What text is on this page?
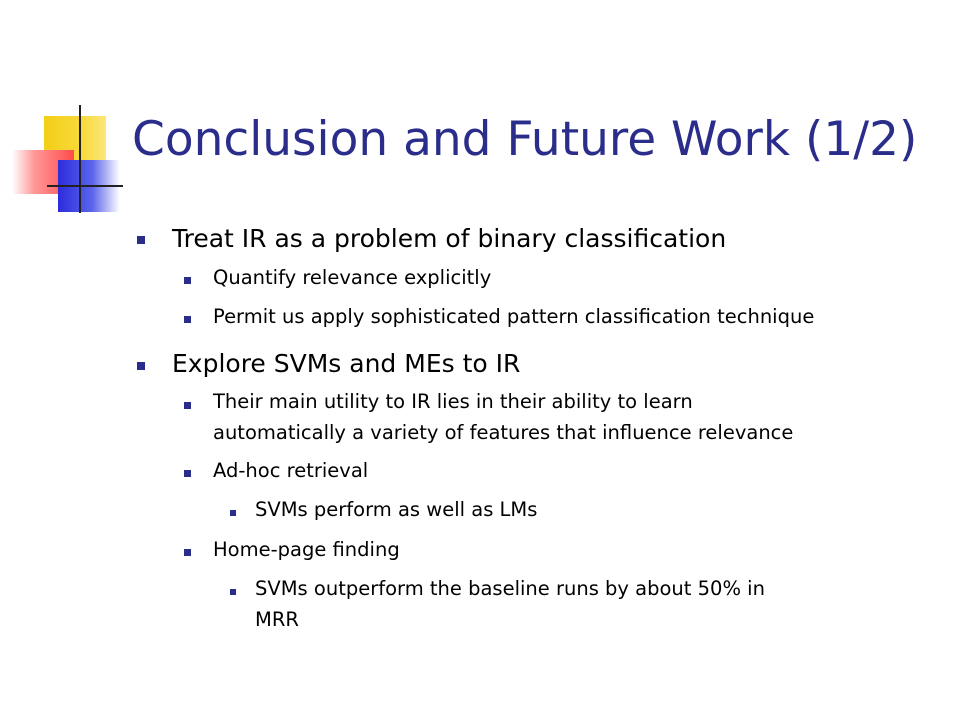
Conclusion and Future Work (1/2)
Treat IR as a problem of binary classification
Quantify relevance explicitly
Permit us apply sophisticated pattern classification technique
Explore SVMs and MEs to IR
Their main utility to IR lies in their ability to learn
automatically a variety of features that influence relevance
Ad-hoc retrieval
SVMs perform as well as LMs
Home-page finding
SVMs outperform the baseline runs by about 50% in
MRR
